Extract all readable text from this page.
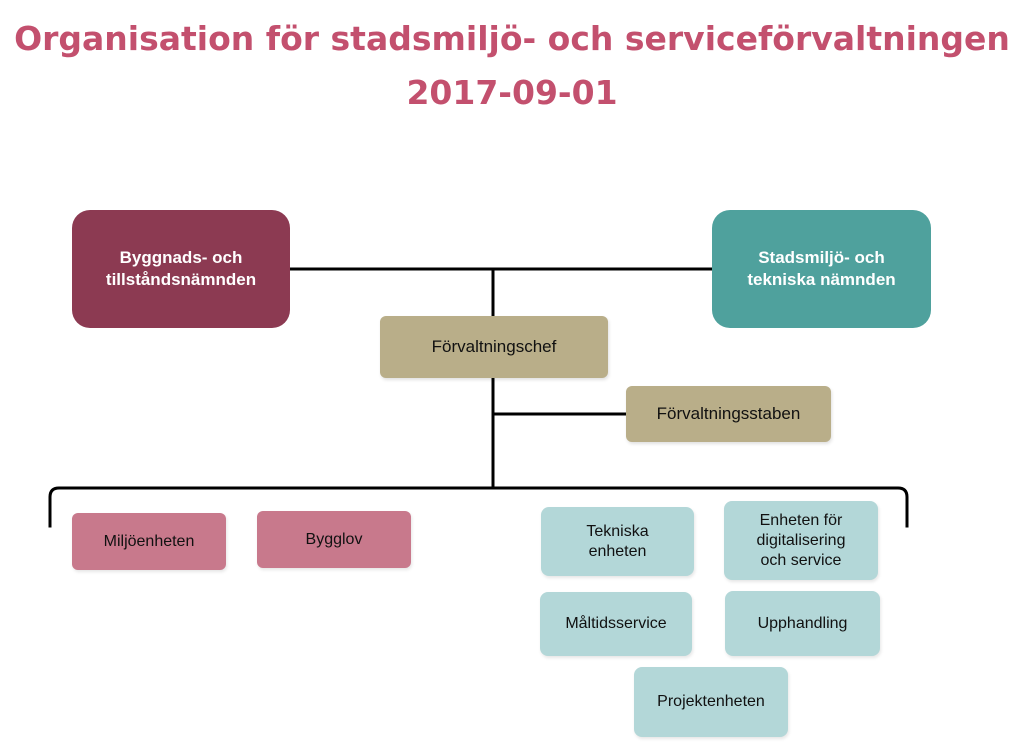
Organisation för stadsmiljö- och serviceförvaltningen
2017-09-01
Byggnads- och
tillståndsnämnden
Stadsmiljö- och
tekniska nämnden
Förvaltningschef
Förvaltningsstaben
Miljöenheten	Bygglov	Tekniska
enheten
Enheten för
digitalisering
och service
Måltidsservice	Upphandling
Projektenheten
